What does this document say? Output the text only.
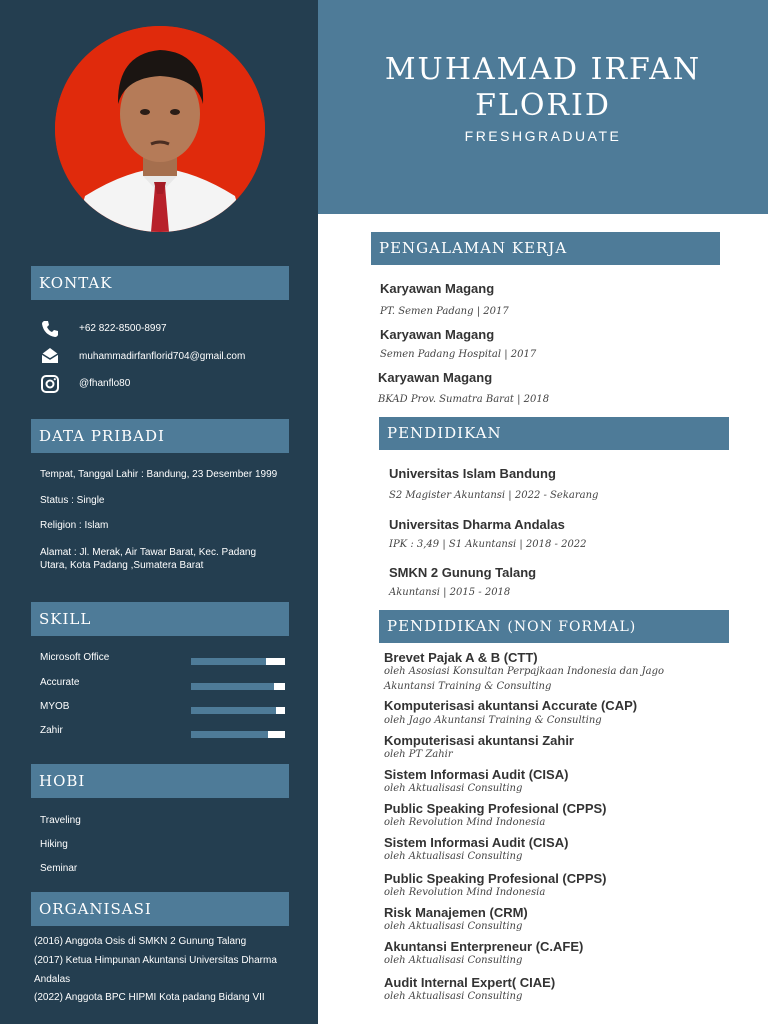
MUHAMAD IRFAN
FLORID
FRESHGRADUATE
KONTAK
+62 822-8500-8997
muhammadirfanflorid704@gmail.com
@fhanflo80
DATA PRIBADI
Tempat, Tanggal Lahir : Bandung, 23 Desember 1999
Status : Single
Religion : Islam
Alamat : Jl. Merak, Air Tawar Barat, Kec. Padang
Utara, Kota Padang ,Sumatera Barat
SKILL
Microsoft Office
Accurate
MYOB
Zahir
HOBI
Traveling
Hiking
Seminar
ORGANISASI
(2016) Anggota Osis di SMKN 2 Gunung Talang
(2017) Ketua Himpunan Akuntansi Universitas Dharma
Andalas
(2022) Anggota BPC HIPMI Kota padang Bidang VII
PENGALAMAN KERJA
Karyawan Magang
PT. Semen Padang | 2017
Karyawan Magang
Semen Padang Hospital | 2017
Karyawan Magang
BKAD Prov. Sumatra Barat | 2018
PENDIDIKAN
Universitas Islam Bandung
S2 Magister Akuntansi | 2022 - Sekarang
Universitas Dharma Andalas
IPK : 3,49 | S1 Akuntansi | 2018 - 2022
SMKN 2 Gunung Talang
Akuntansi | 2015 - 2018
PENDIDIKAN (NON FORMAL)
Brevet Pajak A & B (CTT)
oleh Asosiasi Konsultan Perpajkaan Indonesia dan Jago
Akuntansi Training & Consulting
Komputerisasi akuntansi Accurate (CAP)
oleh Jago Akuntansi Training & Consulting
Komputerisasi akuntansi Zahir
oleh PT Zahir
Sistem Informasi Audit (CISA)
oleh Aktualisasi Consulting
Public Speaking Profesional (CPPS)
oleh Revolution Mind Indonesia
Sistem Informasi Audit (CISA)
oleh Aktualisasi Consulting
Public Speaking Profesional (CPPS)
oleh Revolution Mind Indonesia
Risk Manajemen (CRM)
oleh Aktualisasi Consulting
Akuntansi Enterpreneur (C.AFE)
oleh Aktualisasi Consulting
Audit Internal Expert( CIAE)
oleh Aktualisasi Consulting
